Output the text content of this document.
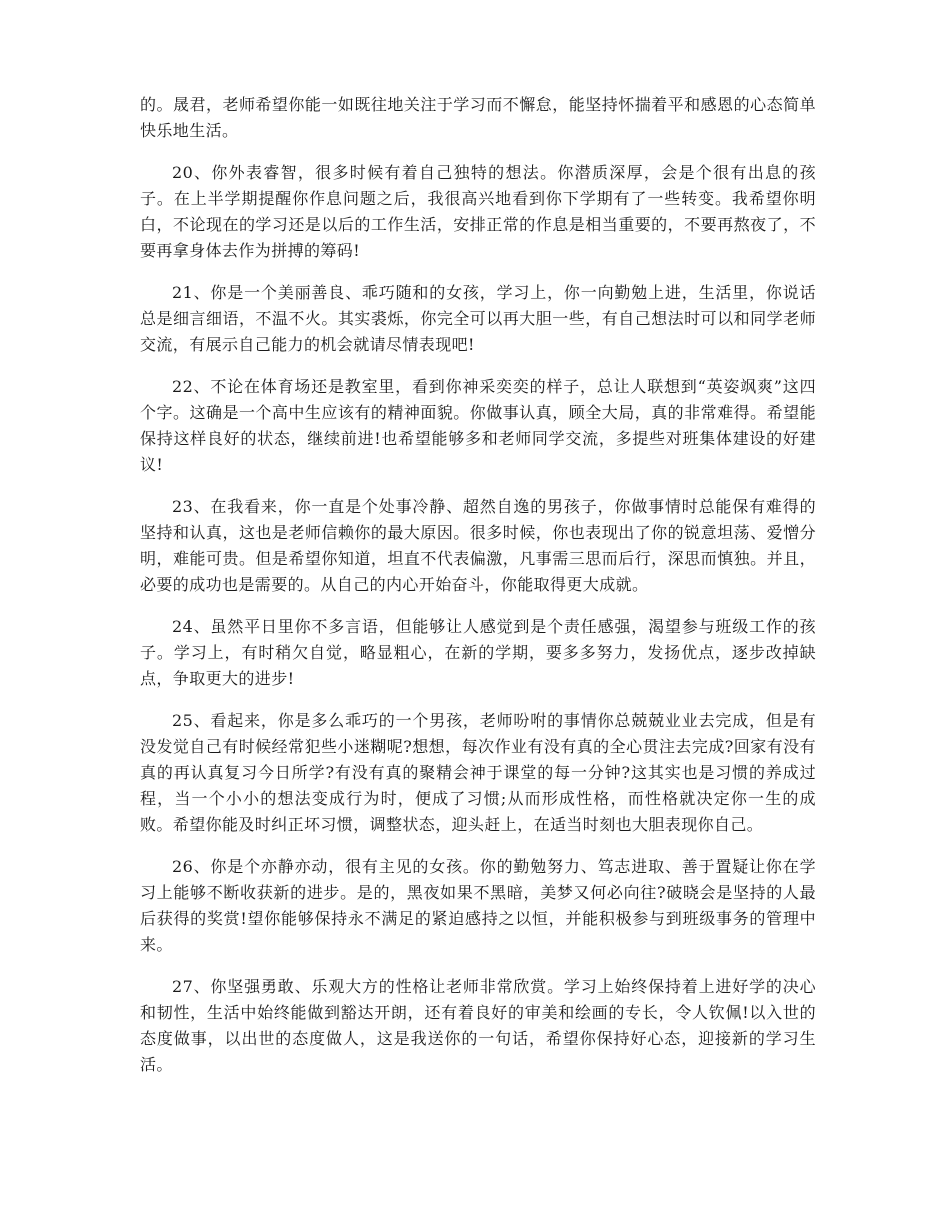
的。晟君，老师希望你能一如既往地关注于学习而不懈怠，能坚持怀揣着平和感恩的心态简单快乐地生活。

20、你外表睿智，很多时候有着自己独特的想法。你潜质深厚，会是个很有出息的孩子。在上半学期提醒你作息问题之后，我很高兴地看到你下学期有了一些转变。我希望你明白，不论现在的学习还是以后的工作生活，安排正常的作息是相当重要的，不要再熬夜了，不要再拿身体去作为拼搏的筹码!

21、你是一个美丽善良、乖巧随和的女孩，学习上，你一向勤勉上进，生活里，你说话总是细言细语，不温不火。其实裘烁，你完全可以再大胆一些，有自己想法时可以和同学老师交流，有展示自己能力的机会就请尽情表现吧!

22、不论在体育场还是教室里，看到你神采奕奕的样子，总让人联想到“英姿飒爽”这四个字。这确是一个高中生应该有的精神面貌。你做事认真，顾全大局，真的非常难得。希望能保持这样良好的状态，继续前进!也希望能够多和老师同学交流，多提些对班集体建设的好建议!

23、在我看来，你一直是个处事冷静、超然自逸的男孩子，你做事情时总能保有难得的坚持和认真，这也是老师信赖你的最大原因。很多时候，你也表现出了你的锐意坦荡、爱憎分明，难能可贵。但是希望你知道，坦直不代表偏激，凡事需三思而后行，深思而慎独。并且，必要的成功也是需要的。从自己的内心开始奋斗，你能取得更大成就。

24、虽然平日里你不多言语，但能够让人感觉到是个责任感强，渴望参与班级工作的孩子。学习上，有时稍欠自觉，略显粗心，在新的学期，要多多努力，发扬优点，逐步改掉缺点，争取更大的进步!

25、看起来，你是多么乖巧的一个男孩，老师吩咐的事情你总兢兢业业去完成，但是有没发觉自己有时候经常犯些小迷糊呢?想想，每次作业有没有真的全心贯注去完成?回家有没有真的再认真复习今日所学?有没有真的聚精会神于课堂的每一分钟?这其实也是习惯的养成过程，当一个小小的想法变成行为时，便成了习惯;从而形成性格，而性格就决定你一生的成败。希望你能及时纠正坏习惯，调整状态，迎头赶上，在适当时刻也大胆表现你自己。

26、你是个亦静亦动，很有主见的女孩。你的勤勉努力、笃志进取、善于置疑让你在学习上能够不断收获新的进步。是的，黑夜如果不黑暗，美梦又何必向往?破晓会是坚持的人最后获得的奖赏!望你能够保持永不满足的紧迫感持之以恒，并能积极参与到班级事务的管理中来。

27、你坚强勇敢、乐观大方的性格让老师非常欣赏。学习上始终保持着上进好学的决心和韧性，生活中始终能做到豁达开朗，还有着良好的审美和绘画的专长，令人钦佩!以入世的态度做事，以出世的态度做人，这是我送你的一句话，希望你保持好心态，迎接新的学习生活。
